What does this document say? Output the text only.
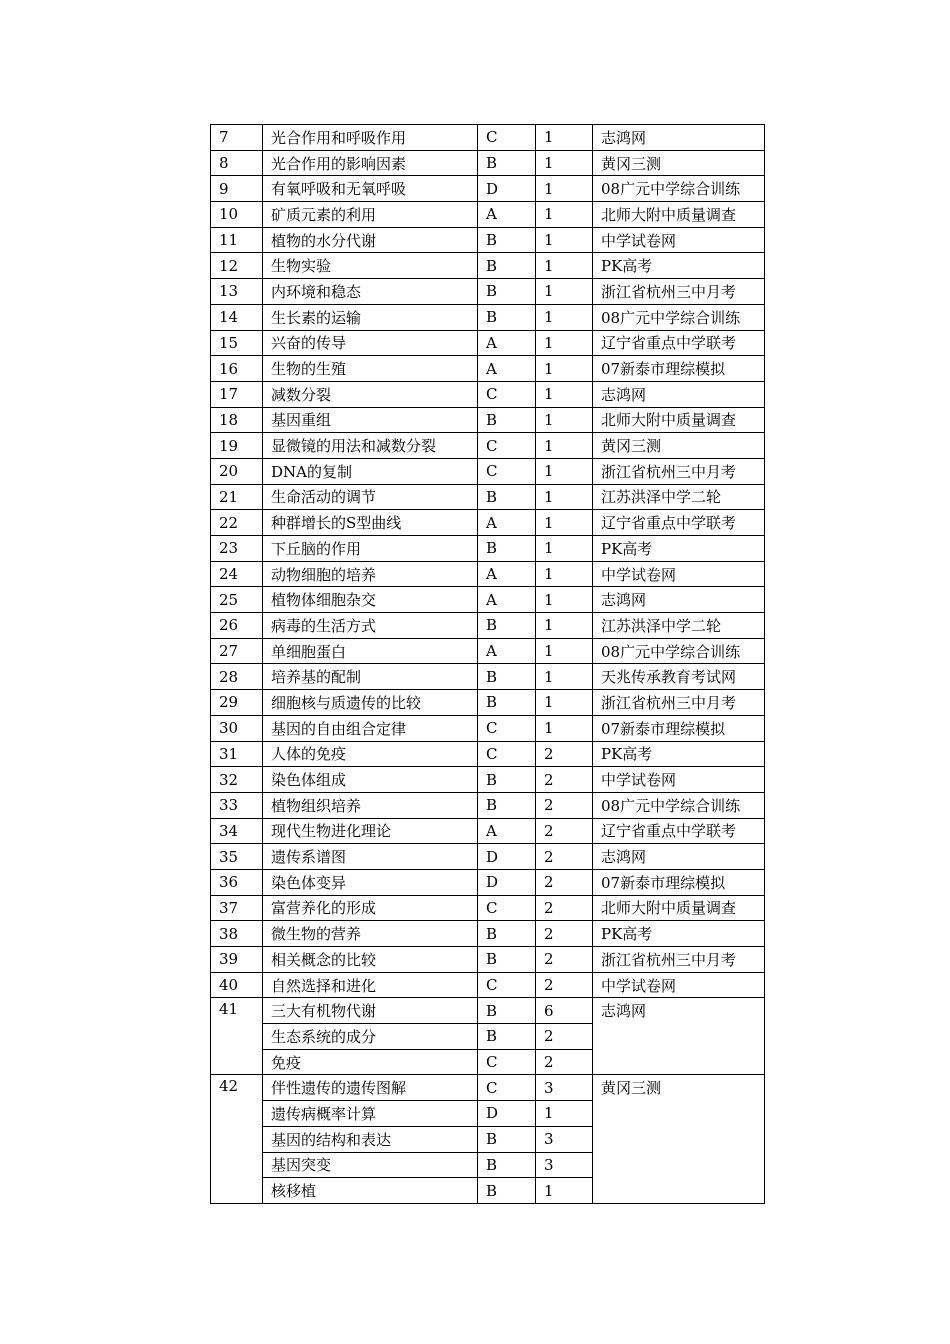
7	光合作用和呼吸作用	C	1	志鸿网
8	光合作用的影响因素	B	1	黄冈三测
9	有氧呼吸和无氧呼吸	D	1	08广元中学综合训练
10	矿质元素的利用	A	1	北师大附中质量调查
11	植物的水分代谢	B	1	中学试卷网
12	生物实验	B	1	PK高考
13	内环境和稳态	B	1	浙江省杭州三中月考
14	生长素的运输	B	1	08广元中学综合训练
15	兴奋的传导	A	1	辽宁省重点中学联考
16	生物的生殖	A	1	07新泰市理综模拟
17	减数分裂	C	1	志鸿网
18	基因重组	B	1	北师大附中质量调查
19	显微镜的用法和减数分裂	C	1	黄冈三测
20	DNA的复制	C	1	浙江省杭州三中月考
21	生命活动的调节	B	1	江苏洪泽中学二轮
22	种群增长的S型曲线	A	1	辽宁省重点中学联考
23	下丘脑的作用	B	1	PK高考
24	动物细胞的培养	A	1	中学试卷网
25	植物体细胞杂交	A	1	志鸿网
26	病毒的生活方式	B	1	江苏洪泽中学二轮
27	单细胞蛋白	A	1	08广元中学综合训练
28	培养基的配制	B	1	天兆传承教育考试网
29	细胞核与质遗传的比较	B	1	浙江省杭州三中月考
30	基因的自由组合定律	C	1	07新泰市理综模拟
31	人体的免疫	C	2	PK高考
32	染色体组成	B	2	中学试卷网
33	植物组织培养	B	2	08广元中学综合训练
34	现代生物进化理论	A	2	辽宁省重点中学联考
35	遗传系谱图	D	2	志鸿网
36	染色体变异	D	2	07新泰市理综模拟
37	富营养化的形成	C	2	北师大附中质量调查
38	微生物的营养	B	2	PK高考
39	相关概念的比较	B	2	浙江省杭州三中月考
40	自然选择和进化	C	2	中学试卷网
41	三大有机物代谢	B	6	志鸿网
	生态系统的成分	B	2	
	免疫	C	2	
42	伴性遗传的遗传图解	C	3	黄冈三测
	遗传病概率计算	D	1	
	基因的结构和表达	B	3	
	基因突变	B	3	
	核移植	B	1	
